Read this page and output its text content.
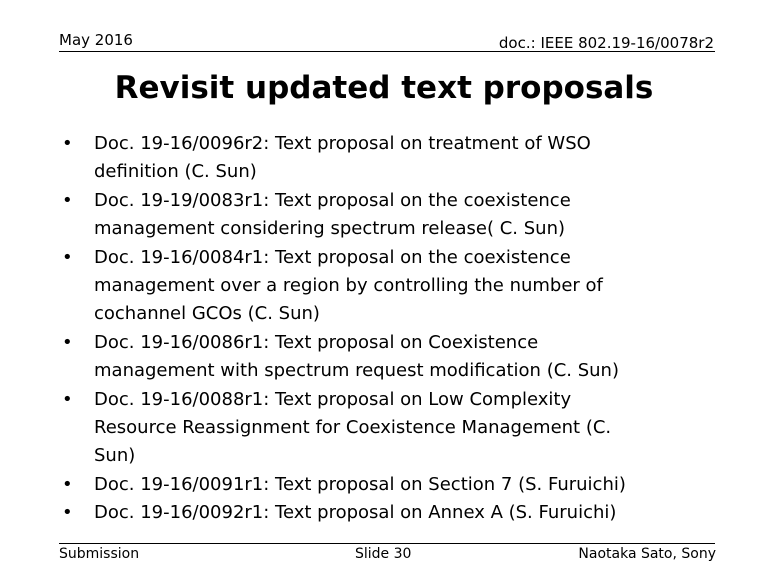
May 2016	doc.: IEEE 802.19-16/0078r2
Revisit updated text proposals
• Doc. 19-16/0096r2: Text proposal on treatment of WSO
definition (C. Sun)
• Doc. 19-19/0083r1: Text proposal on the coexistence
management considering spectrum release( C. Sun)
• Doc. 19-16/0084r1: Text proposal on the coexistence
management over a region by controlling the number of
cochannel GCOs (C. Sun)
• Doc. 19-16/0086r1: Text proposal on Coexistence
management with spectrum request modification (C. Sun)
• Doc. 19-16/0088r1: Text proposal on Low Complexity
Resource Reassignment for Coexistence Management (C.
Sun)
• Doc. 19-16/0091r1: Text proposal on Section 7 (S. Furuichi)
• Doc. 19-16/0092r1: Text proposal on Annex A (S. Furuichi)
Submission	Slide 30	Naotaka Sato, Sony
